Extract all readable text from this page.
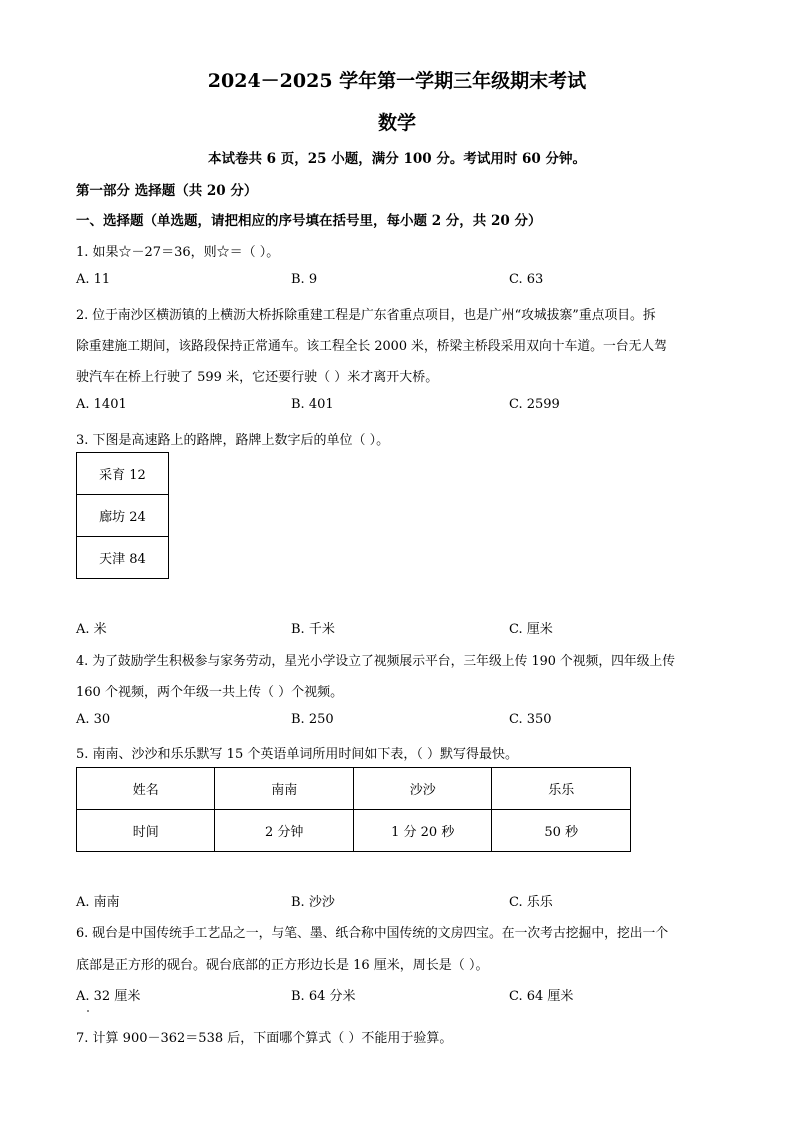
2024－2025 学年第一学期三年级期末考试
数学
本试卷共 6 页，25 小题，满分 100 分。考试用时 60 分钟。
第一部分 选择题（共 20 分）
一、选择题（单选题，请把相应的序号填在括号里，每小题 2 分，共 20 分）
1. 如果☆－27＝36，则☆＝（ ）。
A. 11	B. 9	C. 63
2. 位于南沙区横沥镇的上横沥大桥拆除重建工程是广东省重点项目，也是广州“攻城拔寨”重点项目。拆
除重建施工期间，该路段保持正常通车。该工程全长 2000 米，桥梁主桥段采用双向十车道。一台无人驾
驶汽车在桥上行驶了 599 米，它还要行驶（ ）米才离开大桥。
A. 1401	B. 401	C. 2599
3. 下图是高速路上的路牌，路牌上数字后的单位（ ）。
采育 12
廊坊 24
天津 84
A. 米	B. 千米	C. 厘米
4. 为了鼓励学生积极参与家务劳动，星光小学设立了视频展示平台，三年级上传 190 个视频，四年级上传
160 个视频，两个年级一共上传（ ）个视频。
A. 30	B. 250	C. 350
5. 南南、沙沙和乐乐默写 15 个英语单词所用时间如下表，（ ）默写得最快。
姓名	南南	沙沙	乐乐
时间	2 分钟	1 分 20 秒	50 秒
A. 南南	B. 沙沙	C. 乐乐
6. 砚台是中国传统手工艺品之一，与笔、墨、纸合称中国传统的文房四宝。在一次考古挖掘中，挖出一个
底部是正方形的砚台。砚台底部的正方形边长是 16 厘米，周长是（ ）。
A. 32 厘米	B. 64 分米	C. 64 厘米
7. 计算 900－362＝538 后，下面哪个算式（ ）不能用于验算。
